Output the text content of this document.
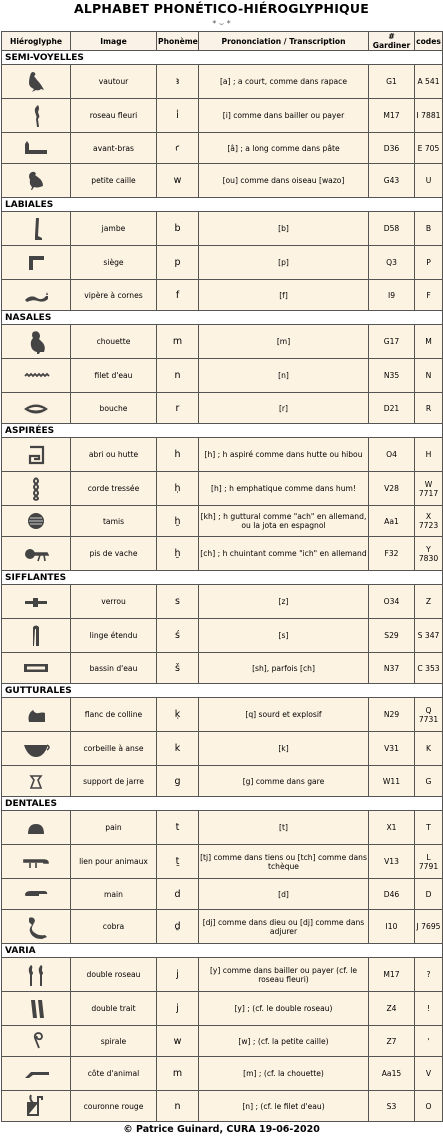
ALPHABET PHONÉTICO-HIÉROGLYPHIQUE
* ⌣ *
Hiéroglyphe	Image	Phonème	Prononciation / Transcription	# Gardiner	codes
SEMI-VOYELLES					

	vautour	ꜣ	[a] ; a court, comme dans rapace	G1	A 541

	roseau fleuri	i͗	[i] comme dans bailler ou payer	M17	I 7881

	avant-bras	ꜥ	[â] ; a long comme dans pâte	D36	E 705

	petite caille	w	[ou] comme dans oiseau [wazo]	G43	U
LABIALES					

	jambe	b	[b]	D58	B

	siège	p	[p]	Q3	P

	vipère à cornes	f	[f]	I9	F
NASALES					

	chouette	m	[m]	G17	M

	filet d'eau	n	[n]	N35	N

	bouche	r	[r]	D21	R
ASPIRÉES					

	abri ou hutte	h	[h] ; h aspiré comme dans hutte ou hibou	O4	H

	corde tressée	ḥ	[h] ; h emphatique comme dans hum!	V28	W 7717

	tamis	ḫ	[kh] ; h guttural comme "ach" en allemand, ou la jota en espagnol	Aa1	X 7723

	pis de vache	ẖ	[ch] ; h chuintant comme "ich" en allemand	F32	Y 7830
SIFFLANTES					

	verrou	s	[z]	O34	Z

	linge étendu	ś	[s]	S29	S 347

	bassin d'eau	š	[sh], parfois [ch]	N37	C 353
GUTTURALES					

	flanc de colline	ḳ	[q] sourd et explosif	N29	Q 7731

	corbeille à anse	k	[k]	V31	K

	support de jarre	g	[g] comme dans gare	W11	G
DENTALES					

	pain	t	[t]	X1	T

	lien pour animaux	ṯ	[tj] comme dans tiens ou [tch] comme dans tchèque	V13	L 7791

	main	d	[d]	D46	D

	cobra	ḏ	[dj] comme dans dieu ou [dj] comme dans adjurer	I10	J 7695
VARIA					

	double roseau	j	[y] comme dans bailler ou payer (cf. le roseau fleuri)	M17	?

	double trait	j	[y] ; (cf. le double roseau)	Z4	!

	spirale	w	[w] ; (cf. la petite caille)	Z7	'

	côte d'animal	m	[m] ; (cf. la chouette)	Aa15	V

	couronne rouge	n	[n] ; (cf. le filet d'eau)	S3	O
© Patrice Guinard, CURA 19-06-2020
